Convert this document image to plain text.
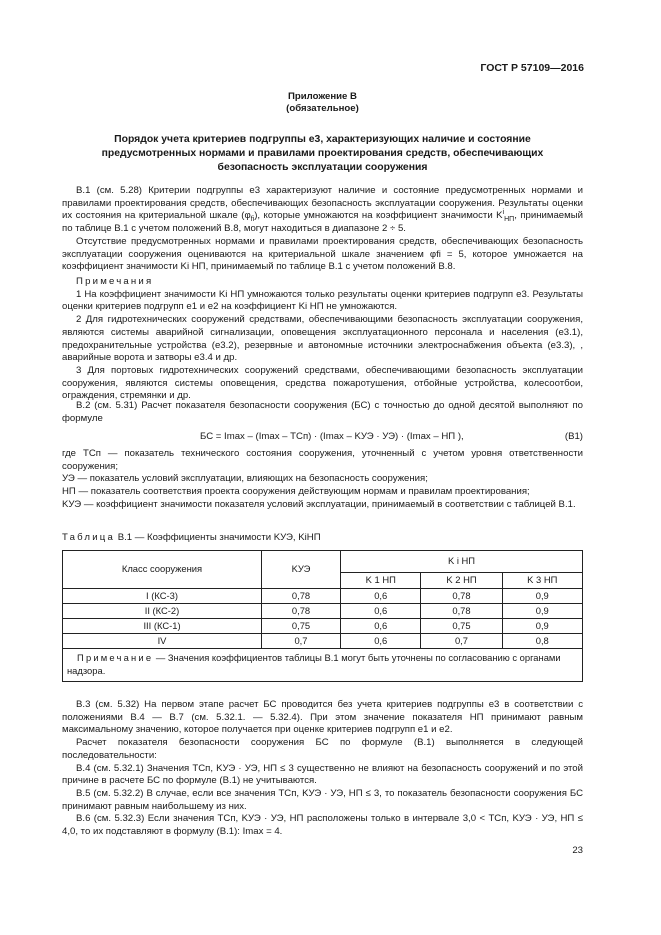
ГОСТ Р 57109—2016
Приложение В
(обязательное)
Порядок учета критериев подгруппы е3, характеризующих наличие и состояние
предусмотренных нормами и правилами проектирования средств, обеспечивающих
безопасность эксплуатации сооружения

В.1 (см. 5.28) Критерии подгруппы е3 характеризуют наличие и состояние предусмотренных нормами и правилами проектирования средств, обеспечивающих безопасность эксплуатации сооружения. Результаты оценки их состояния на критериальной шкале $(\varphi_{fi})$, которые умножаются на коэффициент значимости $K^i_{НП}$, принимаемый по таблице В.1 с учетом положений В.8, могут находиться в диапазоне 2 ÷ 5.

Отсутствие предусмотренных нормами и правилами проектирования средств, обеспечивающих безопасность эксплуатации сооружения оцениваются на критериальной шкале значением φfi = 5, которое умножается на коэффициент значимости Ki НП, принимаемый по таблице В.1 с учетом положений В.8.

Примечания

1 На коэффициент значимости Ki НП умножаются только результаты оценки критериев подгрупп е3. Результаты оценки критериев подгрупп е1 и е2 на коэффициент Ki НП не умножаются.

2 Для гидротехнических сооружений средствами, обеспечивающими безопасность эксплуатации сооружения, являются системы аварийной сигнализации, оповещения эксплуатационного персонала и населения (е3.1), предохранительные устройства (е3.2), резервные и автономные источники электроснабжения объекта (е3.3), , аварийные ворота и затворы е3.4 и др.

3 Для портовых гидротехнических сооружений средствами, обеспечивающими безопасность эксплуатации сооружения, являются системы оповещения, средства пожаротушения, отбойные устройства, колесоотбои, ограждения, стремянки и др.

В.2 (см. 5.31) Расчет показателя безопасности сооружения (БС) с точностью до одной десятой выполняют по формуле

БС = Imax – (Imax – ТСп) · (Imax – KУЭ · УЭ) · (Imax – НП ),	(В1)

где ТСп — показатель технического состояния сооружения, уточненный с учетом уровня ответственности сооружения;

УЭ — показатель условий эксплуатации, влияющих на безопасность сооружения;

НП — показатель соответствия проекта сооружения действующим нормам и правилам проектирования;

KУЭ — коэффициент значимости показателя условий эксплуатации, принимаемый в соответствии с таблицей В.1.

Таблица В.1 — Коэффициенты значимости KУЭ, KiНП
Класс сооружения	KУЭ	K i НП		
		K 1 НП	K 2 НП	K 3 НП
I (КС-3)	0,78	0,6	0,78	0,9
II (КС-2)	0,78	0,6	0,78	0,9
III (КС-1)	0,75	0,6	0,75	0,9
IV	0,7	0,6	0,7	0,8
Примечание — Значения коэффициентов таблицы В.1 могут быть уточнены по согласованию с органами надзора.				

В.3 (см. 5.32) На первом этапе расчет БС проводится без учета критериев подгруппы е3 в соответствии с положениями В.4 — В.7 (см. 5.32.1. — 5.32.4). При этом значение показателя НП принимают равным максимальному значению, которое получается при оценке критериев подгрупп е1 и е2.

Расчет показателя безопасности сооружения БС по формуле (В.1) выполняется в следующей последовательности:

В.4 (см. 5.32.1) Значения ТСп, KУЭ · УЭ, НП ≤ 3 существенно не влияют на безопасность сооружений и по этой причине в расчете БС по формуле (В.1) не учитываются.

В.5 (см. 5.32.2) В случае, если все значения ТСп, KУЭ · УЭ, НП ≤ 3, то показатель безопасности сооружения БС принимают равным наибольшему из них.

В.6 (см. 5.32.3) Если значения ТСп, KУЭ · УЭ, НП расположены только в интервале 3,0 < ТСп, KУЭ · УЭ, НП ≤ 4,0, то их подставляют в формулу (В.1): Imax = 4.

23
